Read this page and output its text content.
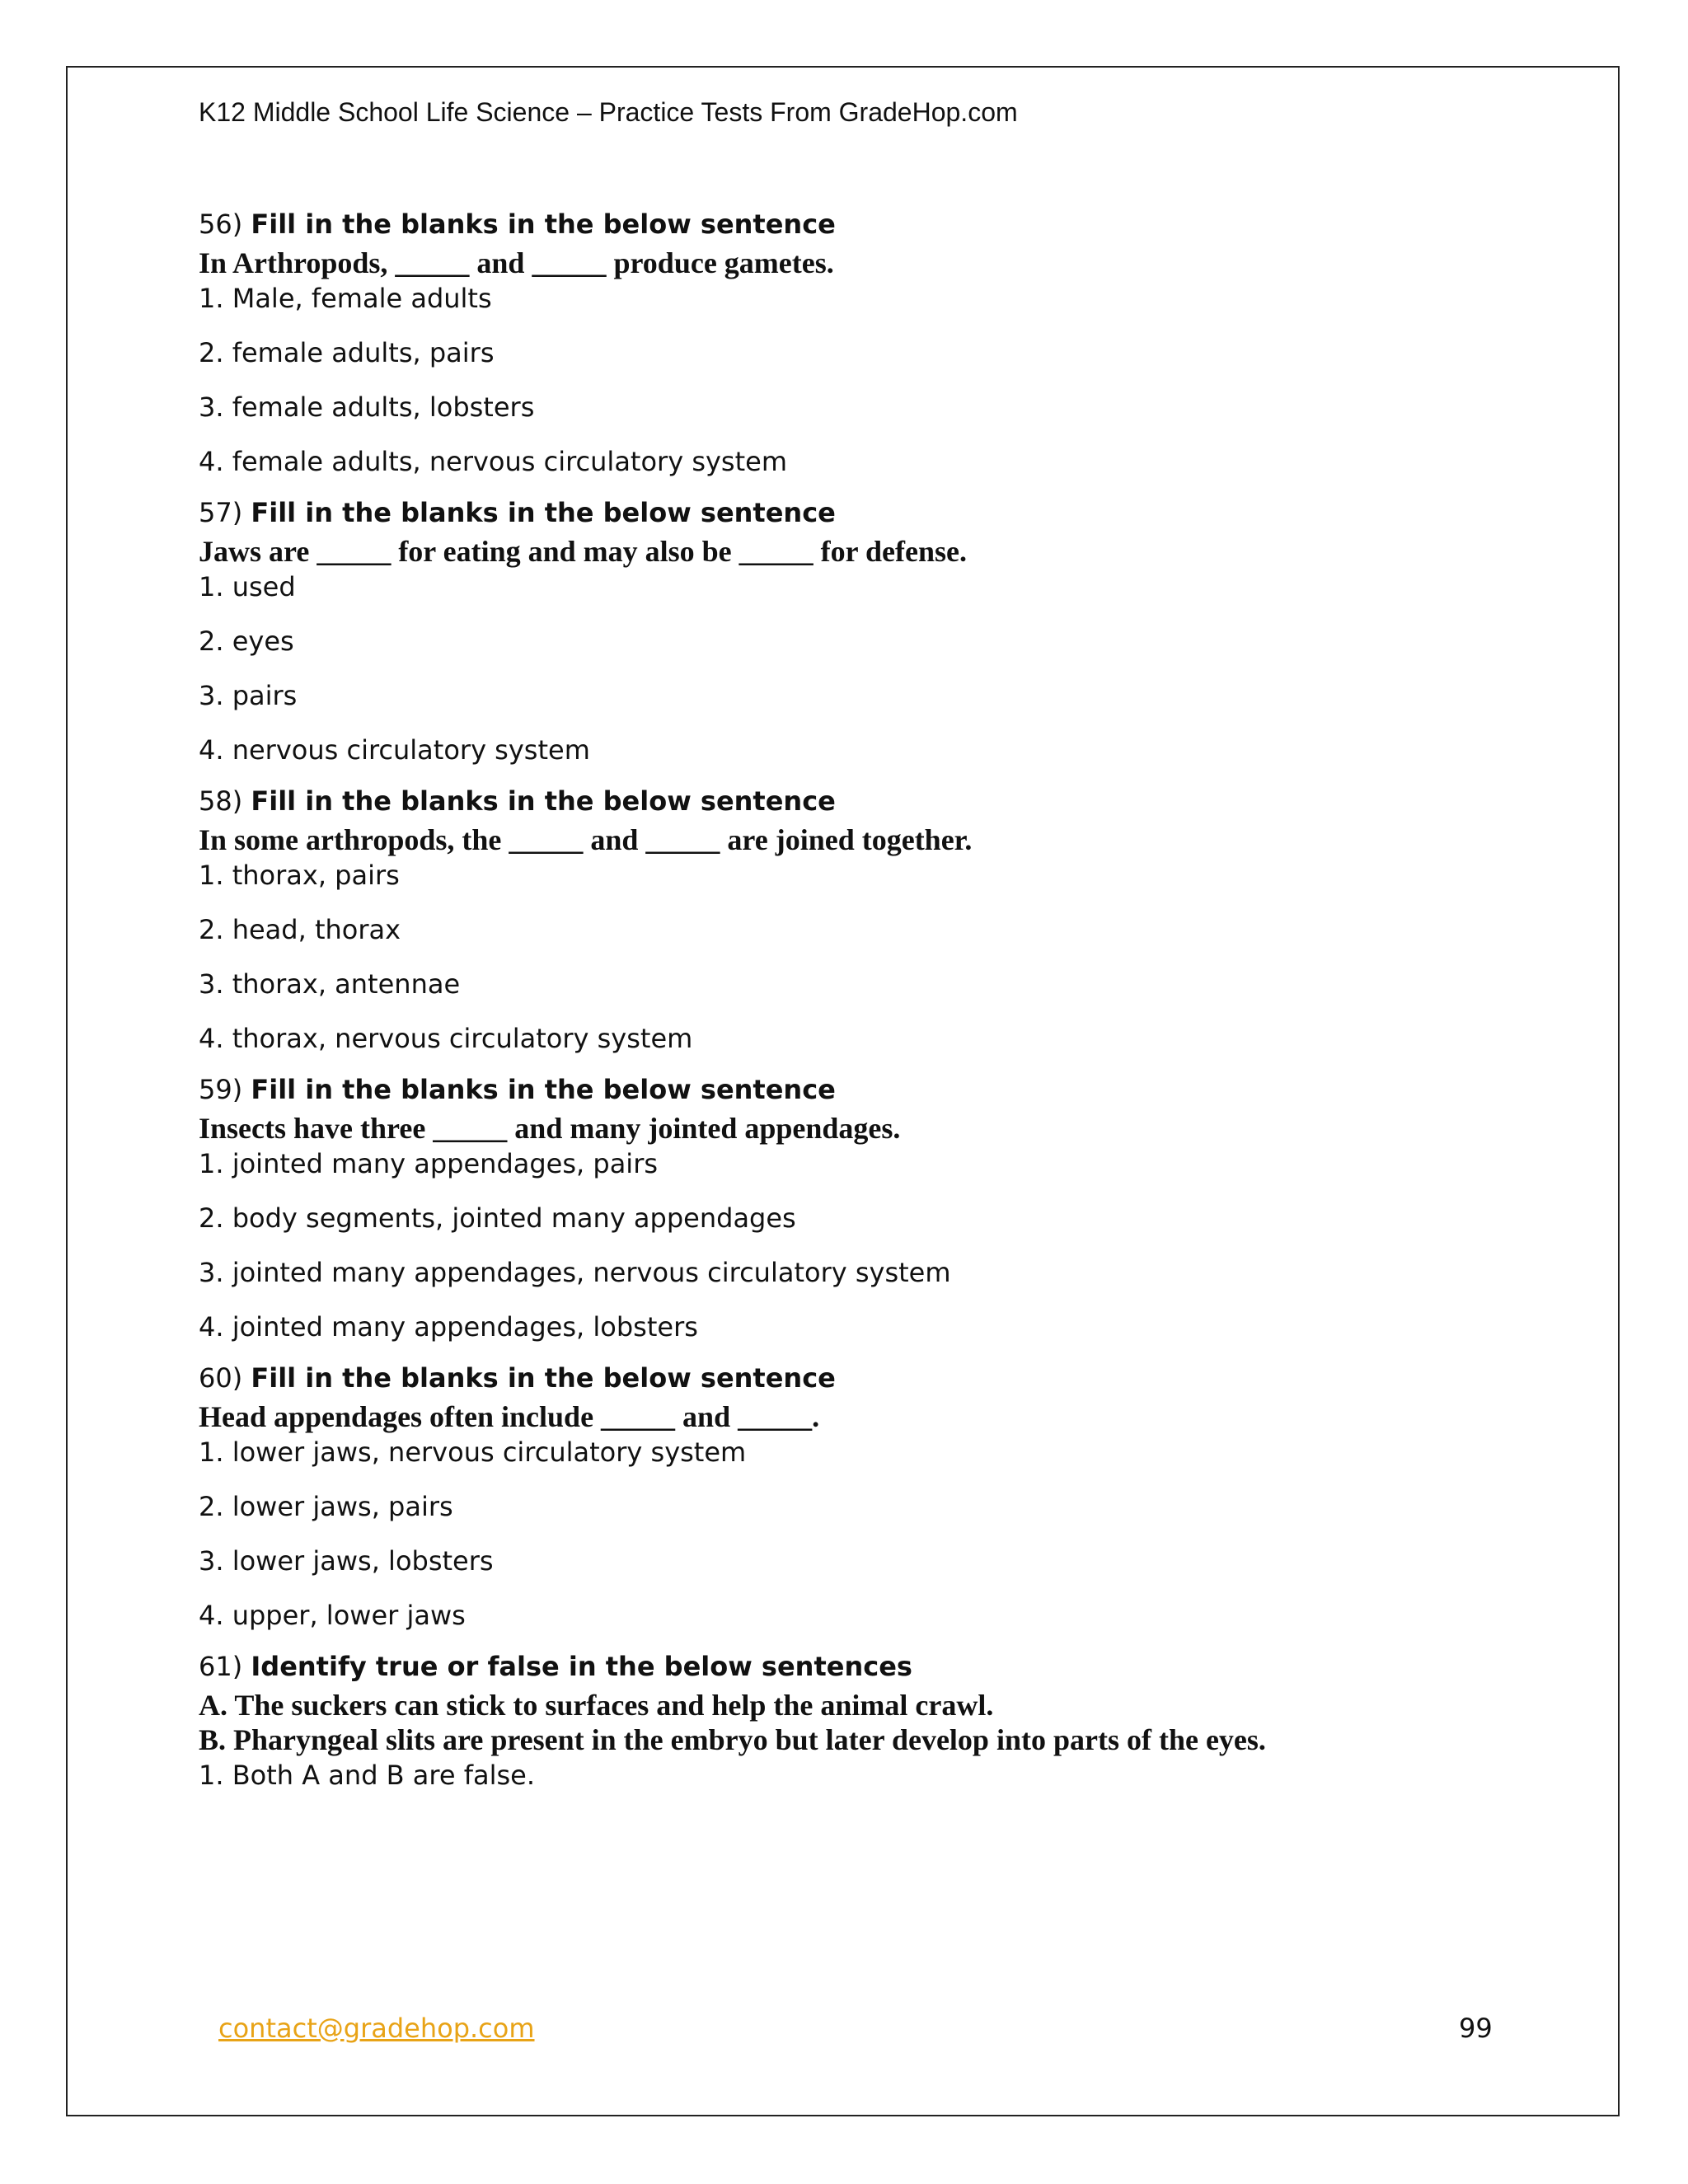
K12 Middle School Life Science – Practice Tests From GradeHop.com
56) Fill in the blanks in the below sentence
In Arthropods, _____ and _____ produce gametes.
1. Male, female adults
2. female adults, pairs
3. female adults, lobsters
4. female adults, nervous circulatory system
57) Fill in the blanks in the below sentence
Jaws are _____ for eating and may also be _____ for defense.
1. used
2. eyes
3. pairs
4. nervous circulatory system
58) Fill in the blanks in the below sentence
In some arthropods, the _____ and _____ are joined together.
1. thorax, pairs
2. head, thorax
3. thorax, antennae
4. thorax, nervous circulatory system
59) Fill in the blanks in the below sentence
Insects have three _____ and many jointed appendages.
1. jointed many appendages, pairs
2. body segments, jointed many appendages
3. jointed many appendages, nervous circulatory system
4. jointed many appendages, lobsters
60) Fill in the blanks in the below sentence
Head appendages often include _____ and _____.
1. lower jaws, nervous circulatory system
2. lower jaws, pairs
3. lower jaws, lobsters
4. upper, lower jaws
61) Identify true or false in the below sentences
A. The suckers can stick to surfaces and help the animal crawl.
B. Pharyngeal slits are present in the embryo but later develop into parts of the eyes.
1. Both A and B are false.
contact@gradehop.com	99
